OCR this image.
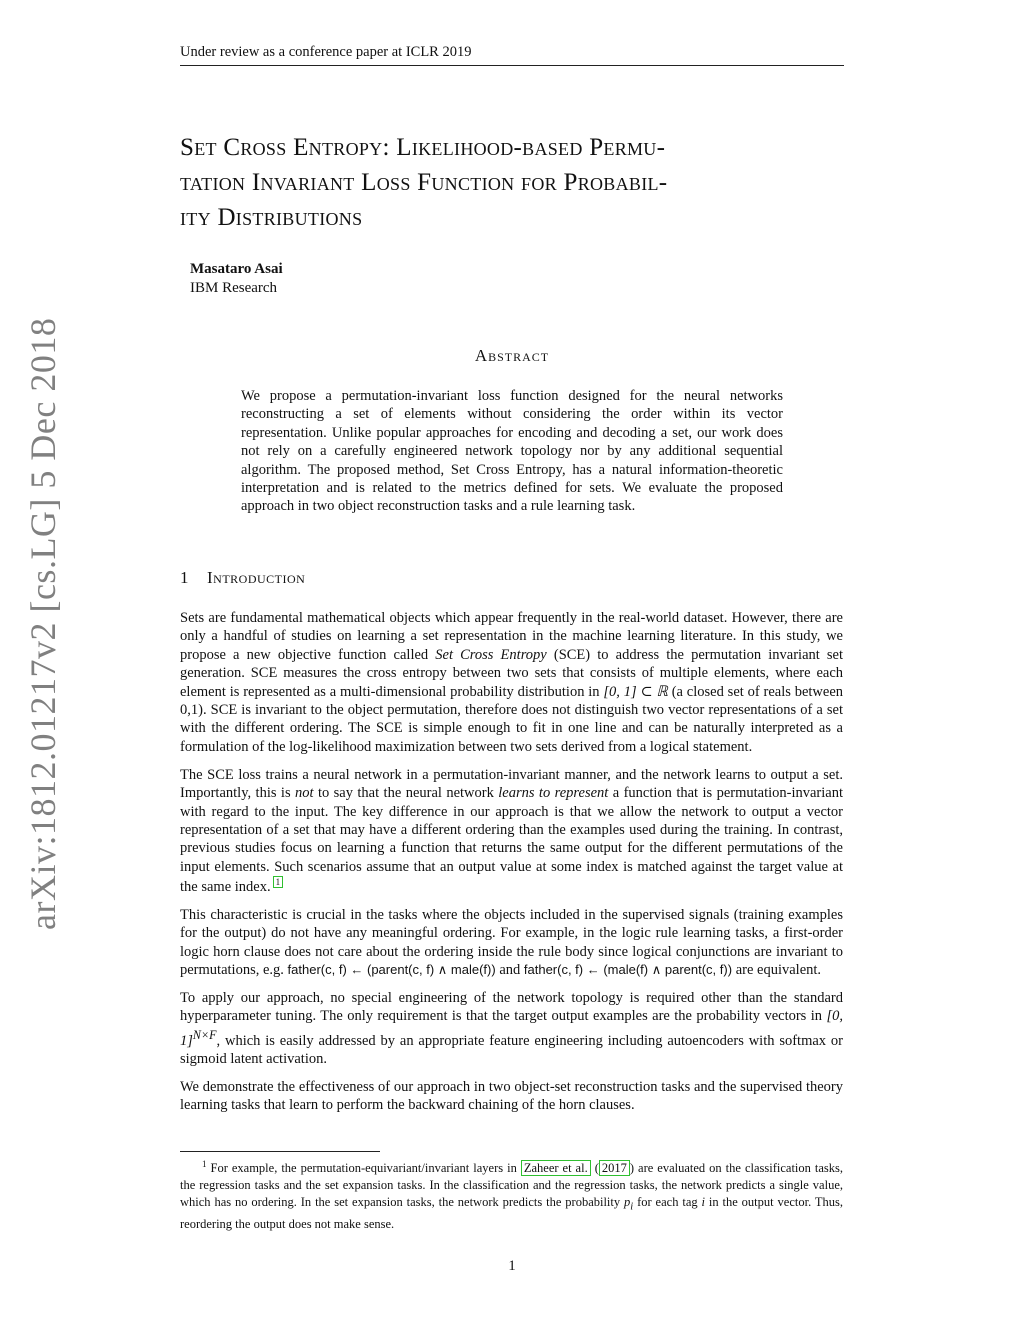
Under review as a conference paper at ICLR 2019
Set Cross Entropy: Likelihood-based Permu-
tation Invariant Loss Function for Probabil-
ity Distributions
Masataro Asai
IBM Research
arXiv:1812.01217v2 [cs.LG] 5 Dec 2018	Abstract

We propose a permutation-invariant loss function designed for the neural networks reconstructing a set of elements without considering the order within its vector representation. Unlike popular approaches for encoding and decoding a set, our work does not rely on a carefully engineered network topology nor by any additional sequential algorithm. The proposed method, Set Cross Entropy, has a natural information-theoretic interpretation and is related to the metrics defined for sets. We evaluate the proposed approach in two object reconstruction tasks and a rule learning task.

1 Introduction

Sets are fundamental mathematical objects which appear frequently in the real-world dataset. However, there are only a handful of studies on learning a set representation in the machine learning literature. In this study, we propose a new objective function called Set Cross Entropy (SCE) to address the permutation invariant set generation. SCE measures the cross entropy between two sets that consists of multiple elements, where each element is represented as a multi-dimensional probability distribution in [0, 1] ⊂ ℝ (a closed set of reals between 0,1). SCE is invariant to the object permutation, therefore does not distinguish two vector representations of a set with the different ordering. The SCE is simple enough to fit in one line and can be naturally interpreted as a formulation of the log-likelihood maximization between two sets derived from a logical statement.

The SCE loss trains a neural network in a permutation-invariant manner, and the network learns to output a set. Importantly, this is not to say that the neural network learns to represent a function that is permutation-invariant with regard to the input. The key difference in our approach is that we allow the network to output a vector representation of a set that may have a different ordering than the examples used during the training. In contrast, previous studies focus on learning a function that returns the same output for the different permutations of the input elements. Such scenarios assume that an output value at some index is matched against the target value at the same index. 1

This characteristic is crucial in the tasks where the objects included in the supervised signals (training examples for the output) do not have any meaningful ordering. For example, in the logic rule learning tasks, a first-order logic horn clause does not care about the ordering inside the rule body since logical conjunctions are invariant to permutations, e.g. father(c, f) ← (parent(c, f) ∧ male(f)) and father(c, f) ← (male(f) ∧ parent(c, f)) are equivalent.

To apply our approach, no special engineering of the network topology is required other than the standard hyperparameter tuning. The only requirement is that the target output examples are the probability vectors in [0, 1]$^{N\times F}$, which is easily addressed by an appropriate feature engineering including autoencoders with softmax or sigmoid latent activation.

We demonstrate the effectiveness of our approach in two object-set reconstruction tasks and the supervised theory learning tasks that learn to perform the backward chaining of the horn clauses.

$^1$ For example, the permutation-equivariant/invariant layers in Zaheer et al. ( 2017 ) are evaluated on the classification tasks, the regression tasks and the set expansion tasks. In the classification and the regression tasks, the network predicts a single value, which has no ordering. In the set expansion tasks, the network predicts the probability $p_i$ for each tag i in the output vector. Thus, reordering the output does not make sense.

1
